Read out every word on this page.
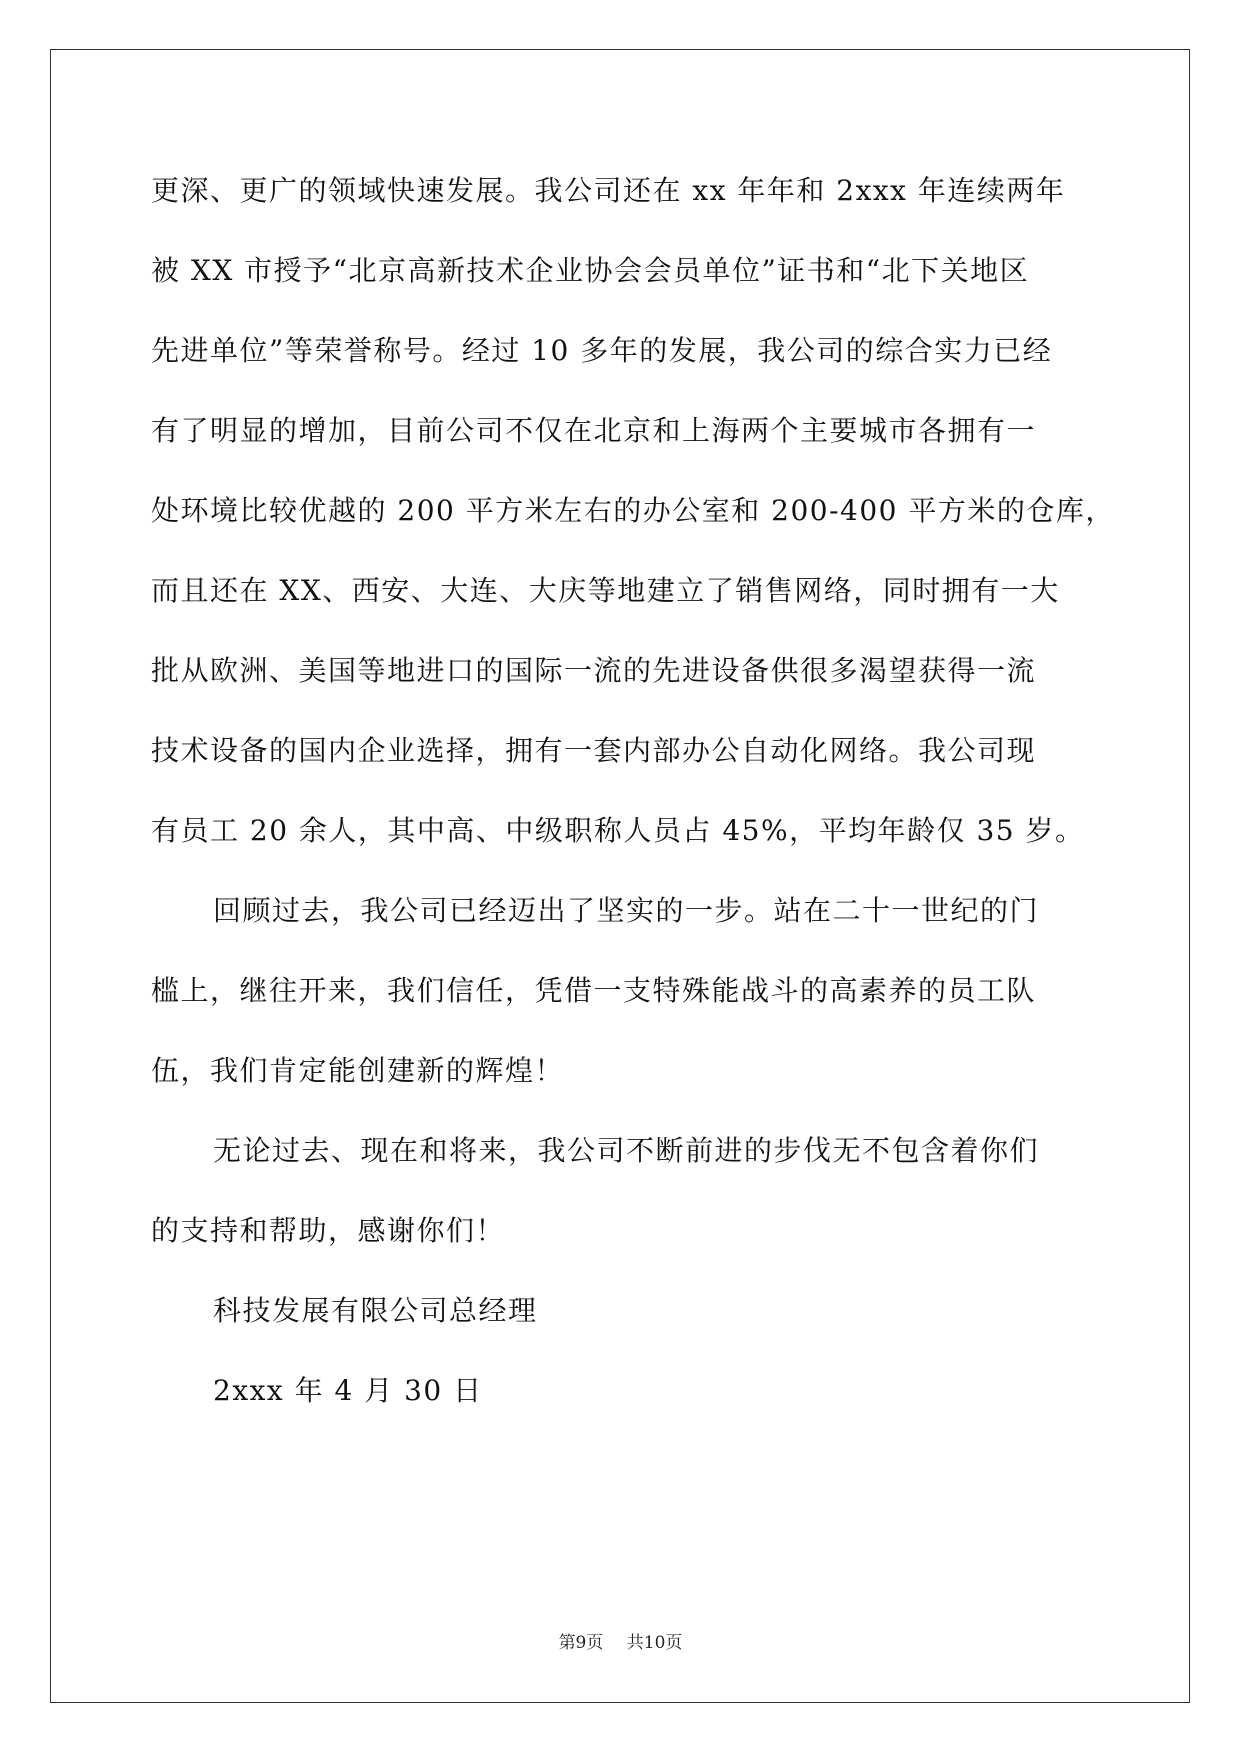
更深、更广的领域快速发展。我公司还在 xx 年年和 2xxx 年连续两年
被 XX 市授予“北京高新技术企业协会会员单位”证书和“北下关地区
先进单位”等荣誉称号。经过 10 多年的发展，我公司的综合实力已经
有了明显的增加，目前公司不仅在北京和上海两个主要城市各拥有一
处环境比较优越的 200 平方米左右的办公室和 200-400 平方米的仓库，
而且还在 XX、西安、大连、大庆等地建立了销售网络，同时拥有一大
批从欧洲、美国等地进口的国际一流的先进设备供很多渴望获得一流
技术设备的国内企业选择，拥有一套内部办公自动化网络。我公司现
有员工 20 余人，其中高、中级职称人员占 45%，平均年龄仅 35 岁。
回顾过去，我公司已经迈出了坚实的一步。站在二十一世纪的门
槛上，继往开来，我们信任，凭借一支特殊能战斗的高素养的员工队
伍，我们肯定能创建新的辉煌！
无论过去、现在和将来，我公司不断前进的步伐无不包含着你们
的支持和帮助，感谢你们！
科技发展有限公司总经理
2xxx 年 4 月 30 日
第9页 共10页
